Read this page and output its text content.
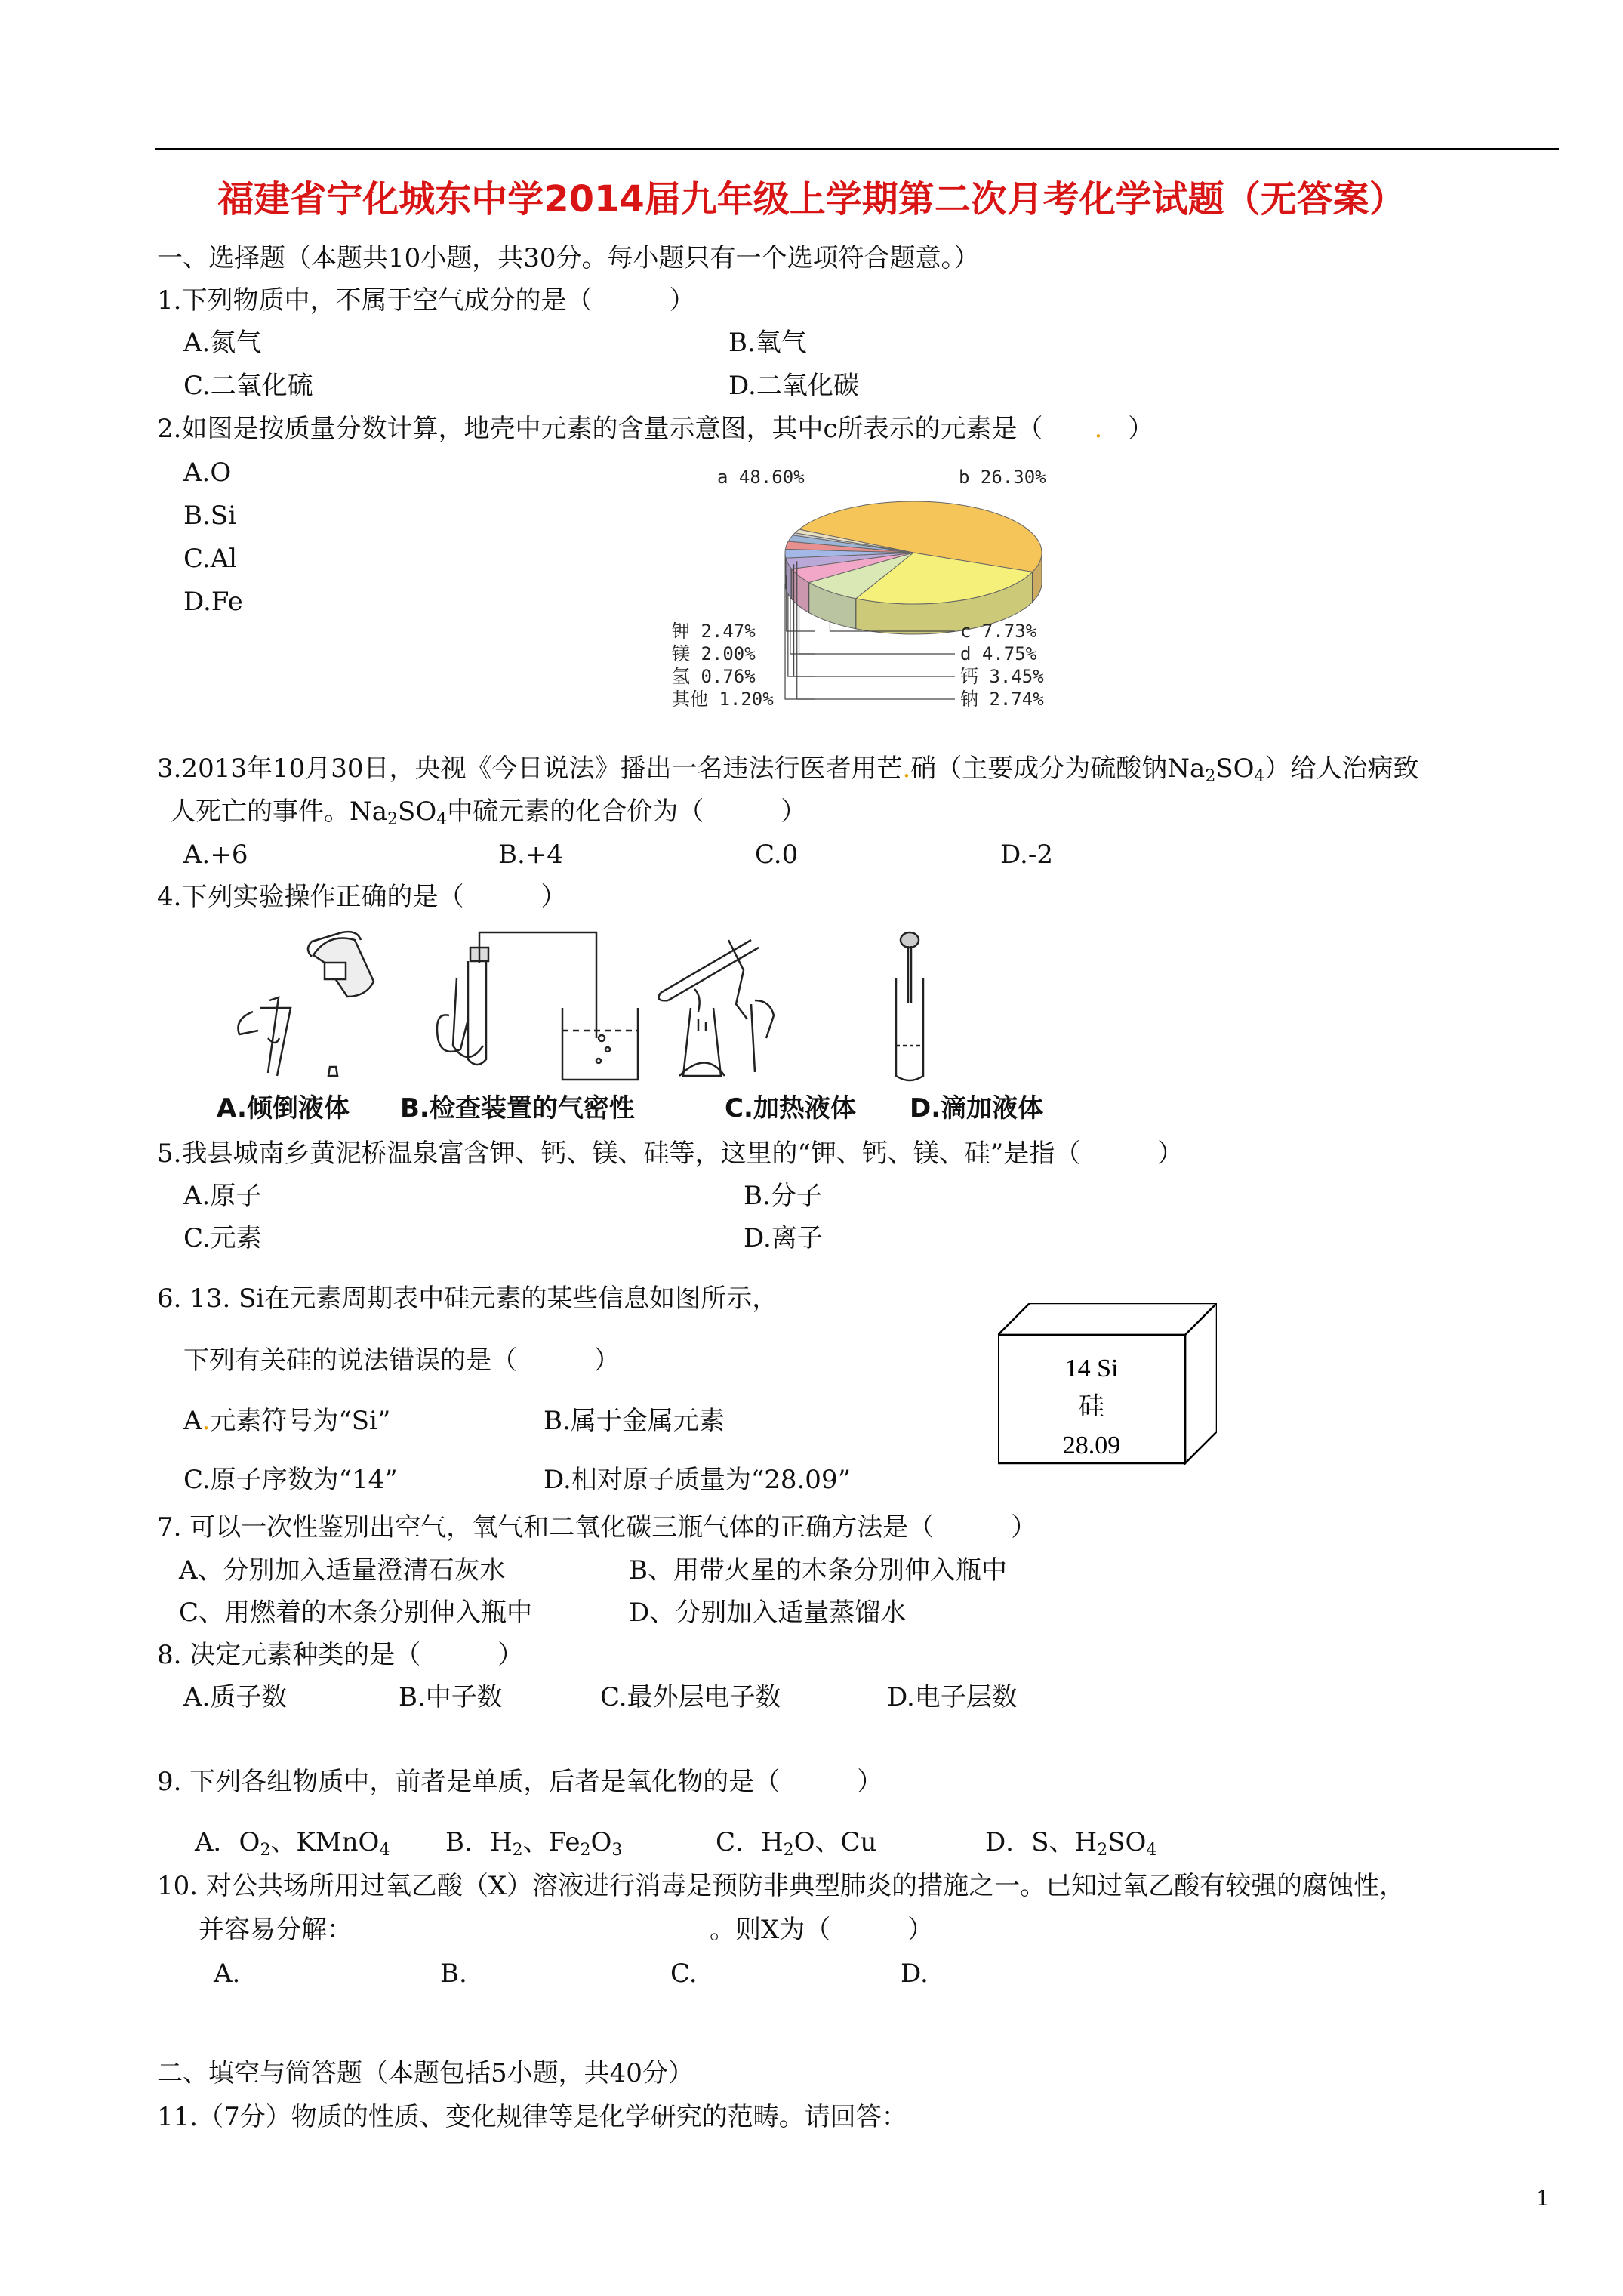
福建省宁化城东中学2014届九年级上学期第二次月考化学试题（无答案）
一、选择题（本题共10小题，共30分。每小题只有一个选项符合题意。）
1.下列物质中，不属于空气成分的是（　　　）
A.氮气	B.氧气
C.二氧化硫	D.二氧化碳
2.如图是按质量分数计算，地壳中元素的含量示意图，其中c所表示的元素是（　　.　）
A.O
B.Si
C.Al
D.Fe
a 48.60%	b 26.30%
c 7.73%
d 4.75%
钙 3.45%
钠 2.74%
钾 2.47%
镁 2.00%
氢 0.76%
其他 1.20%
3.2013年10月30日，央视《今日说法》播出一名违法行医者用芒.硝（主要成分为硫酸钠$Na_2SO_4$）给人治病致
人死亡的事件。$Na_2SO_4$中硫元素的化合价为（　　　）
A.+6	B.+4	C.0	D.-2
4.下列实验操作正确的是（　　　）
A.倾倒液体 B.检查装置的气密性	C.加热液体 D.滴加液体
5.我县城南乡黄泥桥温泉富含钾、钙、镁、硅等，这里的“钾、钙、镁、硅”是指（　　　）
A.原子	B.分子
C.元素	D.离子
6. 13. Si在元素周期表中硅元素的某些信息如图所示，
下列有关硅的说法错误的是（　　　）
A.元素符号为“Si”	B.属于金属元素
C.原子序数为“14”	D.相对原子质量为“28.09”
14 Si
硅
28.09
7. 可以一次性鉴别出空气，氧气和二氧化碳三瓶气体的正确方法是（　　　）
A、分别加入适量澄清石灰水	B、用带火星的木条分别伸入瓶中
C、用燃着的木条分别伸入瓶中	D、分别加入适量蒸馏水
8. 决定元素种类的是（　　　）
A.质子数	B.中子数	C.最外层电子数	D.电子层数
9. 下列各组物质中，前者是单质，后者是氧化物的是（　　　）
A．$O_2$、KMnO$_4$ B．$H_2$、$Fe_2O_3$	C．$H_2O$、Cu	D．S、$H_2SO_4$
10. 对公共场所用过氧乙酸（X）溶液进行消毒是预防非典型肺炎的措施之一。已知过氧乙酸有较强的腐蚀性，
并容易分解：	。则X为（　　　）
A.	B.	C.	D.
二、填空与简答题（本题包括5小题，共40分）
11.（7分）物质的性质、变化规律等是化学研究的范畴。请回答：
1
